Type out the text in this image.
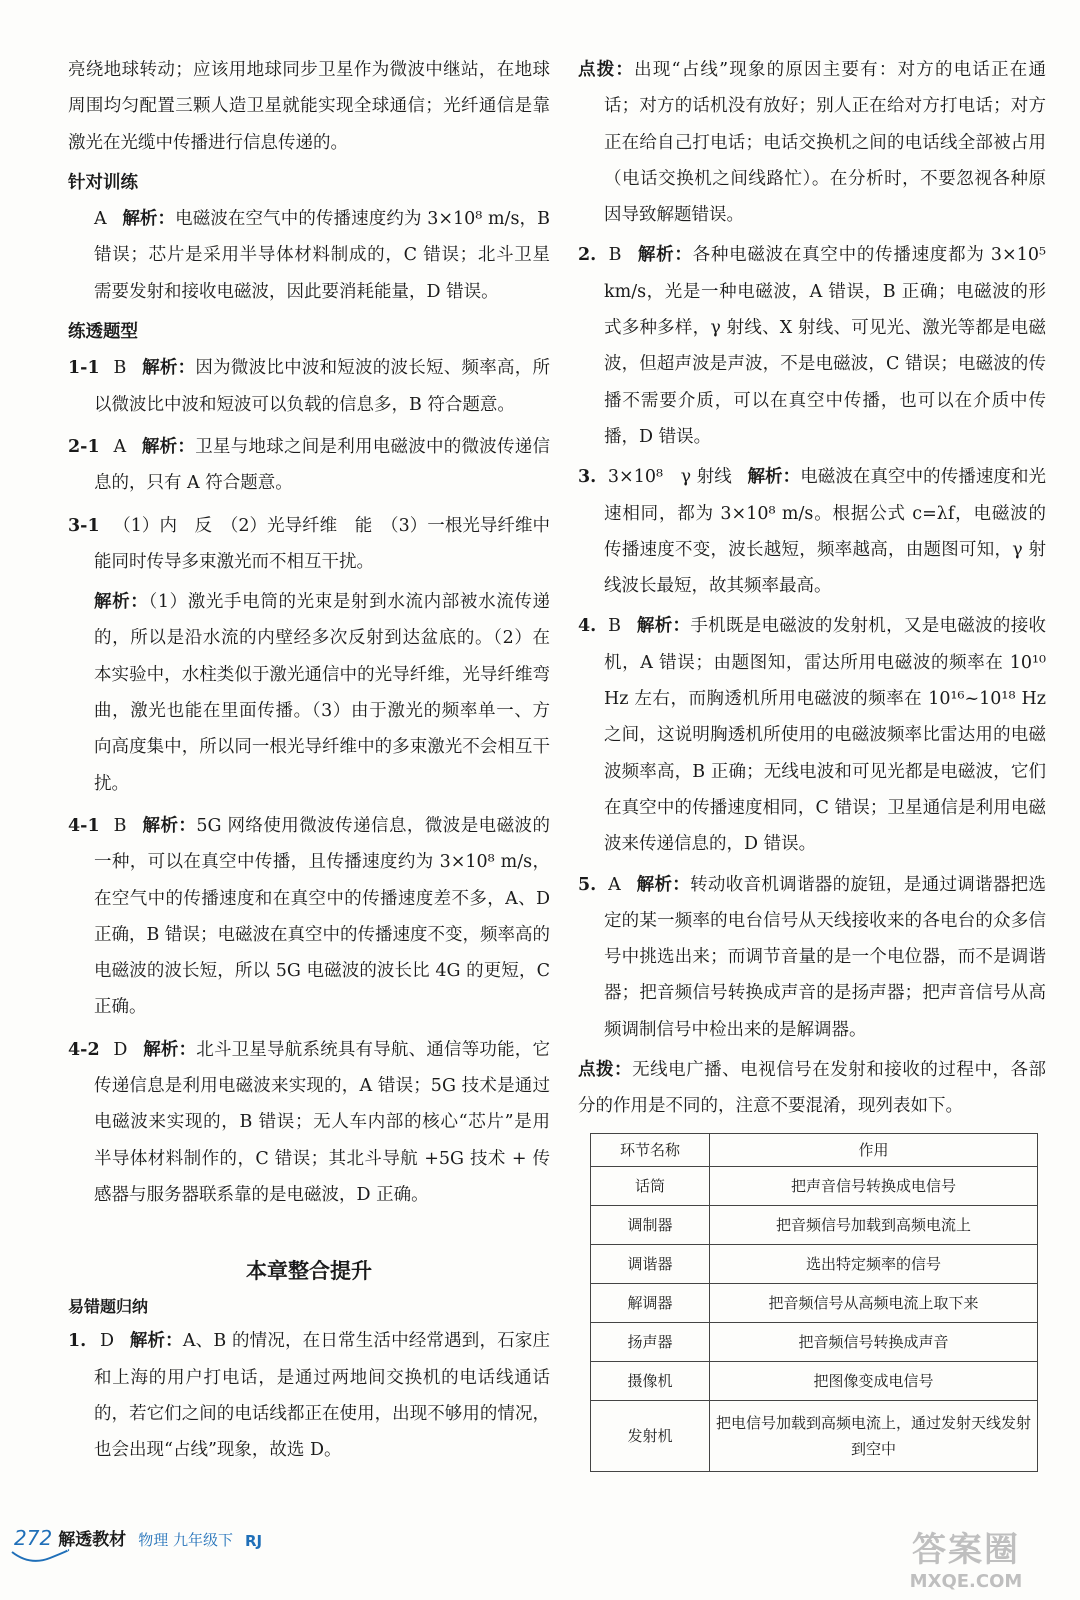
亮绕地球转动；应该用地球同步卫星作为微波中继站，在地球周围均匀配置三颗人造卫星就能实现全球通信；光纤通信是靠激光在光缆中传播进行信息传递的。

针对训练

A 解析：电磁波在空气中的传播速度约为 3×10⁸ m/s，B 错误；芯片是采用半导体材料制成的，C 错误；北斗卫星需要发射和接收电磁波，因此要消耗能量，D 错误。

练透题型

1-1 B 解析：因为微波比中波和短波的波长短、频率高，所以微波比中波和短波可以负载的信息多，B 符合题意。

2-1 A 解析：卫星与地球之间是利用电磁波中的微波传递信息的，只有 A 符合题意。

3-1 （1）内　反　（2）光导纤维　能　（3）一根光导纤维中能同时传导多束激光而不相互干扰。

解析：（1）激光手电筒的光束是射到水流内部被水流传递的，所以是沿水流的内壁经多次反射到达盆底的。（2）在本实验中，水柱类似于激光通信中的光导纤维，光导纤维弯曲，激光也能在里面传播。（3）由于激光的频率单一、方向高度集中，所以同一根光导纤维中的多束激光不会相互干扰。

4-1 B 解析：5G 网络使用微波传递信息，微波是电磁波的一种，可以在真空中传播，且传播速度约为 3×10⁸ m/s，在空气中的传播速度和在真空中的传播速度差不多，A、D 正确，B 错误；电磁波在真空中的传播速度不变，频率高的电磁波的波长短，所以 5G 电磁波的波长比 4G 的更短，C 正确。

4-2 D 解析：北斗卫星导航系统具有导航、通信等功能，它传递信息是利用电磁波来实现的，A 错误；5G 技术是通过电磁波来实现的，B 错误；无人车内部的核心“芯片”是用半导体材料制作的，C 错误；其北斗导航 +5G 技术 + 传感器与服务器联系靠的是电磁波，D 正确。

本章整合提升
易错题归纳

1. D 解析：A、B 的情况，在日常生活中经常遇到，石家庄和上海的用户打电话，是通过两地间交换机的电话线通话的，若它们之间的电话线都正在使用，出现不够用的情况，也会出现“占线”现象，故选 D。

点拨：出现“占线”现象的原因主要有：对方的电话正在通话；对方的话机没有放好；别人正在给对方打电话；对方正在给自己打电话；电话交换机之间的电话线全部被占用（电话交换机之间线路忙）。在分析时，不要忽视各种原因导致解题错误。

2. B 解析：各种电磁波在真空中的传播速度都为 3×10⁵ km/s，光是一种电磁波，A 错误，B 正确；电磁波的形式多种多样，γ 射线、X 射线、可见光、激光等都是电磁波，但超声波是声波，不是电磁波，C 错误；电磁波的传播不需要介质，可以在真空中传播，也可以在介质中传播，D 错误。

3. 3×10⁸　γ 射线 解析：电磁波在真空中的传播速度和光速相同，都为 3×10⁸ m/s。根据公式 c=λf，电磁波的传播速度不变，波长越短，频率越高，由题图可知，γ 射线波长最短，故其频率最高。

4. B 解析：手机既是电磁波的发射机，又是电磁波的接收机，A 错误；由题图知，雷达所用电磁波的频率在 10¹⁰ Hz 左右，而胸透机所用电磁波的频率在 10¹⁶~10¹⁸ Hz 之间，这说明胸透机所使用的电磁波频率比雷达用的电磁波频率高，B 正确；无线电波和可见光都是电磁波，它们在真空中的传播速度相同，C 错误；卫星通信是利用电磁波来传递信息的，D 错误。

5. A 解析：转动收音机调谐器的旋钮，是通过调谐器把选定的某一频率的电台信号从天线接收来的各电台的众多信号中挑选出来；而调节音量的是一个电位器，而不是调谐器；把音频信号转换成声音的是扬声器；把声音信号从高频调制信号中检出来的是解调器。

点拨：无线电广播、电视信号在发射和接收的过程中，各部分的作用是不同的，注意不要混淆，现列表如下。

环节名称	作用
话筒	把声音信号转换成电信号
调制器	把音频信号加载到高频电流上
调谐器	选出特定频率的信号
解调器	把音频信号从高频电流上取下来
扬声器	把音频信号转换成声音
摄像机	把图像变成电信号
发射机	把电信号加载到高频电流上，通过发射天线发射到空中
272 解透教材 物理 九年级下 RJ	答案圈
MXQE.COM
